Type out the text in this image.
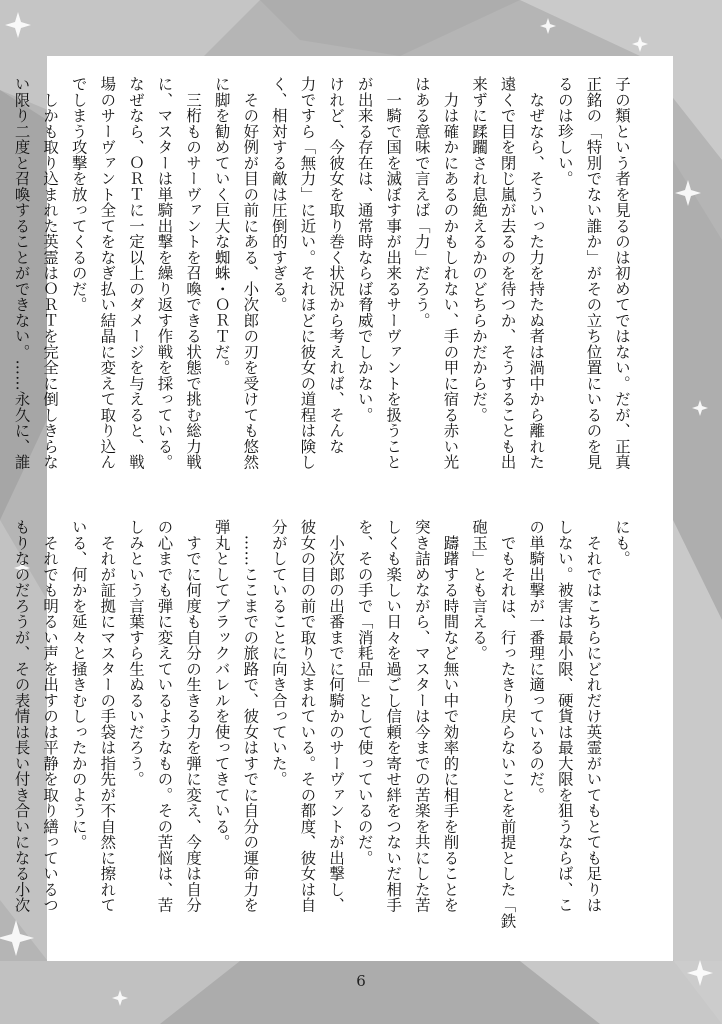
子の類という者を見るのは初めてではない。だが、正真
正銘の「特別でない誰か」がその立ち位置にいるのを見
るのは珍しい。
　なぜなら、そういった力を持たぬ者は渦中から離れた
遠くで目を閉じ嵐が去るのを待つか、そうすることも出
来ずに蹂躙され息絶えるかのどちらかだからだ。
　力は確かにあるのかもしれない、手の甲に宿る赤い光
はある意味で言えば「力」だろう。
　一騎で国を滅ぼす事が出来るサーヴァントを扱うこと
が出来る存在は、通常時ならば脅威でしかない。
けれど、今彼女を取り巻く状況から考えれば、そんな
力ですら「無力」に近い。それほどに彼女の道程は険し
く、相対する敵は圧倒的すぎる。
　その好例が目の前にある、小次郎の刃を受けても悠然
に脚を勧めていく巨大な蜘蛛・ＯＲＴだ。
　三桁ものサーヴァントを召喚できる状態で挑む総力戦
に、マスターは単騎出撃を繰り返す作戦を採っている。
なぜなら、ＯＲＴに一定以上のダメージを与えると、戦
場のサーヴァント全てをなぎ払い結晶に変えて取り込ん
でしまう攻撃を放ってくるのだ。
　しかも取り込まれた英霊はＯＲＴを完全に倒しきらな
い限り二度と召喚することができない。……永久に、誰
にも。
　それではこちらにどれだけ英霊がいてもとても足りは
しない。被害は最小限、硬貨は最大限を狙うならば、こ
の単騎出撃が一番理に適っているのだ。
　でもそれは、行ったきり戻らないことを前提とした「鉄
砲玉」とも言える。
　躊躇する時間など無い中で効率的に相手を削ることを
突き詰めながら、マスターは今までの苦楽を共にした苦
しくも楽しい日々を過ごし信頼を寄せ絆をつないだ相手
を、その手で「消耗品」として使っているのだ。
　小次郎の出番までに何騎かのサーヴァントが出撃し、
彼女の目の前で取り込まれている。その都度、彼女は自
分がしていることに向き合っていた。
　……ここまでの旅路で、彼女はすでに自分の運命力を
弾丸としてブラックバレルを使ってきている。
　すでに何度も自分の生きる力を弾に変え、今度は自分
の心までも弾に変えているようなもの。その苦悩は、苦
しみという言葉すら生ぬるいだろう。
　それが証拠にマスターの手袋は指先が不自然に擦れて
いる、何かを延々と掻きむしったかのように。
　それでも明るい声を出すのは平静を取り繕っているつ
もりなのだろうが、その表情は長い付き合いになる小次
6
